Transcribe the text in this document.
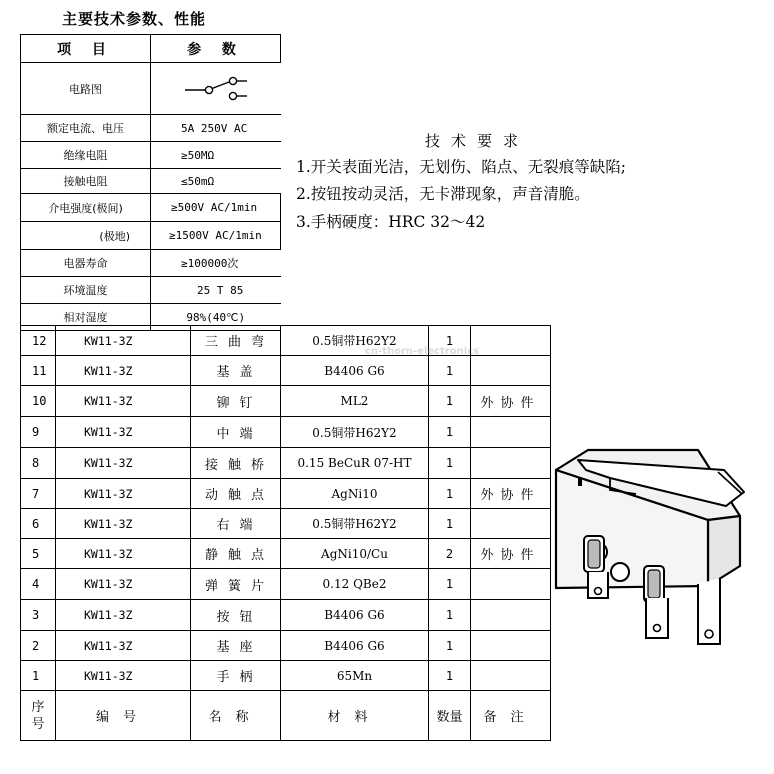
主要技术参数、性能
项 目	参 数
电路图	

额定电流、电压	5A 250V AC
绝缘电阻	≥50MΩ
接触电阻	≤50mΩ
介电强度(极间)	≥500V AC/1min
(极地)	≥1500V AC/1min
电器寿命	≥100000次
环境温度	25 T 85
相对湿度	98%(40℃)
技术要求
1.开关表面光洁，无划伤、陷点、无裂痕等缺陷;
2.按钮按动灵活，无卡滞现象，声音清脆。
3.手柄硬度：HRC 32～42
12	KW11-3Z	三曲弯	0.5铜带H62Y2	1	
11	KW11-3Z	基盖	B4406 G6	1	
10	KW11-3Z	铆钉	ML2	1	外协件
9	KW11-3Z	中端	0.5铜带H62Y2	1	
8	KW11-3Z	接触桥	0.15 BeCuR 07-HT	1	
7	KW11-3Z	动触点	AgNi10	1	外协件
6	KW11-3Z	右端	0.5铜带H62Y2	1	
5	KW11-3Z	静触点	AgNi10/Cu	2	外协件
4	KW11-3Z	弹簧片	0.12 QBe2	1	
3	KW11-3Z	按钮	B4406 G6	1	
2	KW11-3Z	基座	B4406 G6	1	
1	KW11-3Z	手柄	65Mn	1	
序
号	编号	名称	材料	数量	备注
cn-thorn-electronics
